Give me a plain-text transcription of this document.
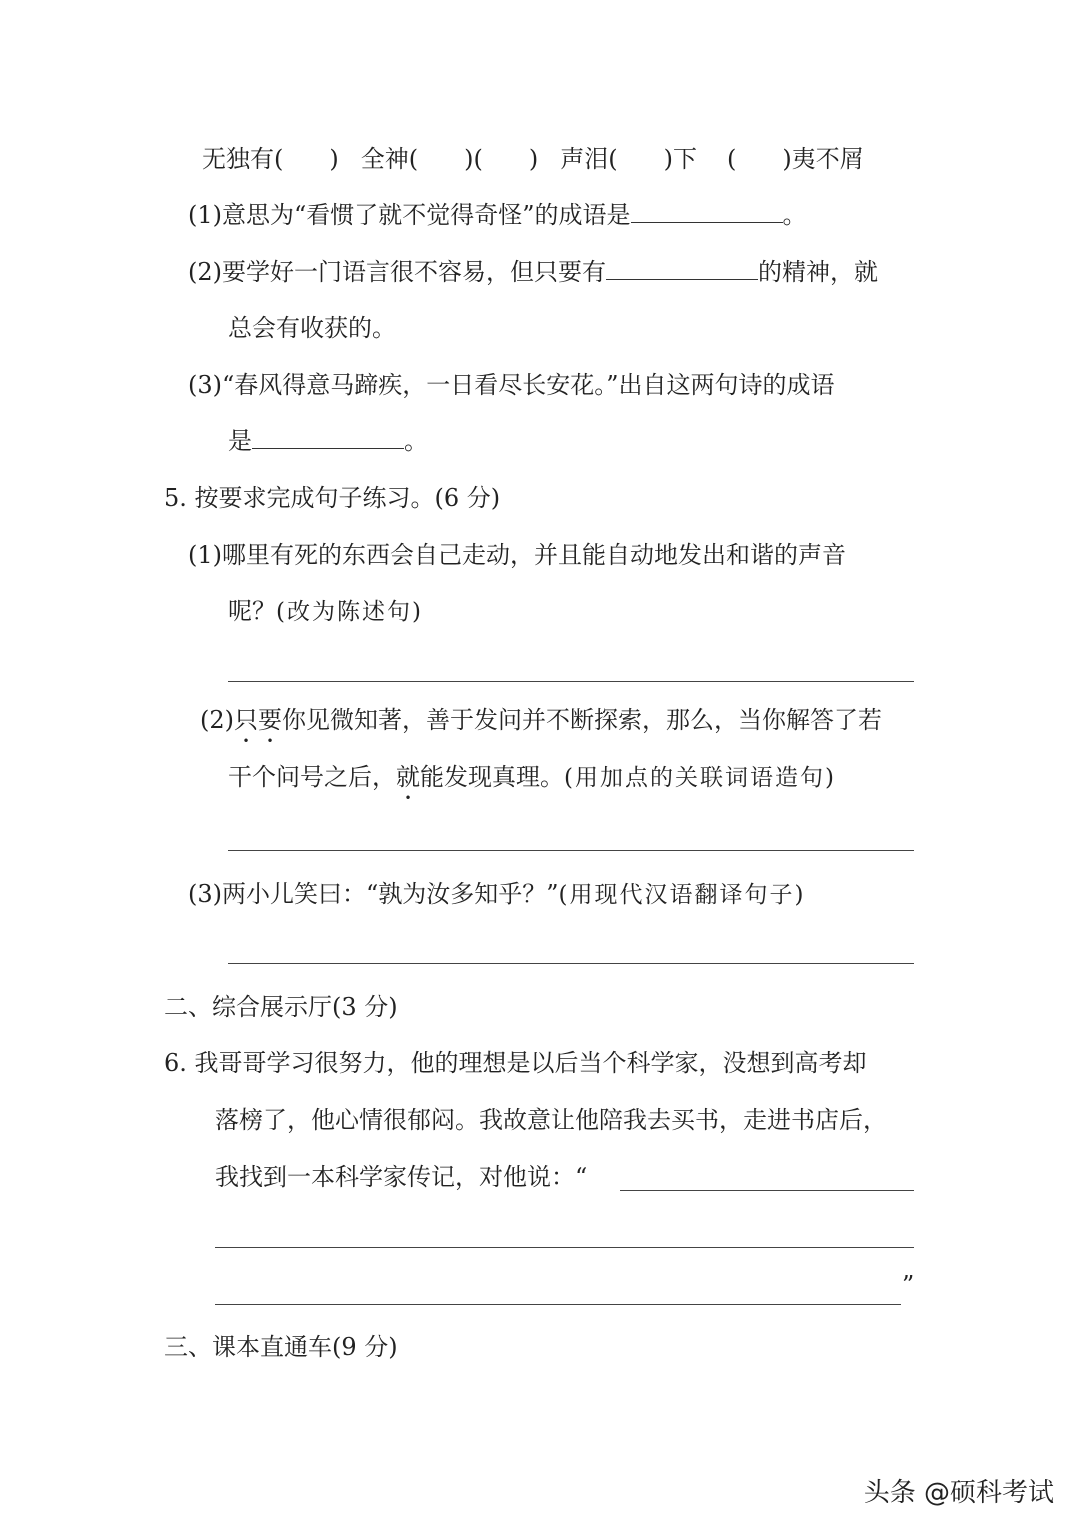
无独有( ) 全神( )( ) 声泪( )下 ( )夷不屑
(1)意思为“看惯了就不觉得奇怪”的成语是	。
(2)要学好一门语言很不容易，但只要有	的精神，就
总会有收获的。
(3)“春风得意马蹄疾，一日看尽长安花。”出自这两句诗的成语
是	。
5. 按要求完成句子练习。(6 分)
(1)哪里有死的东西会自己走动，并且能自动地发出和谐的声音
呢？(改为陈述句)
(2)只要你见微知著，善于发问并不断探索，那么，当你解答了若
干个问号之后，就能发现真理。(用加点的关联词语造句)
(3)两小儿笑曰：“孰为汝多知乎？”(用现代汉语翻译句子)
二、综合展示厅(3 分)
6. 我哥哥学习很努力，他的理想是以后当个科学家，没想到高考却
落榜了，他心情很郁闷。我故意让他陪我去买书，走进书店后，
我找到一本科学家传记，对他说：“
”
三、课本直通车(9 分)
头条 @硕科考试
